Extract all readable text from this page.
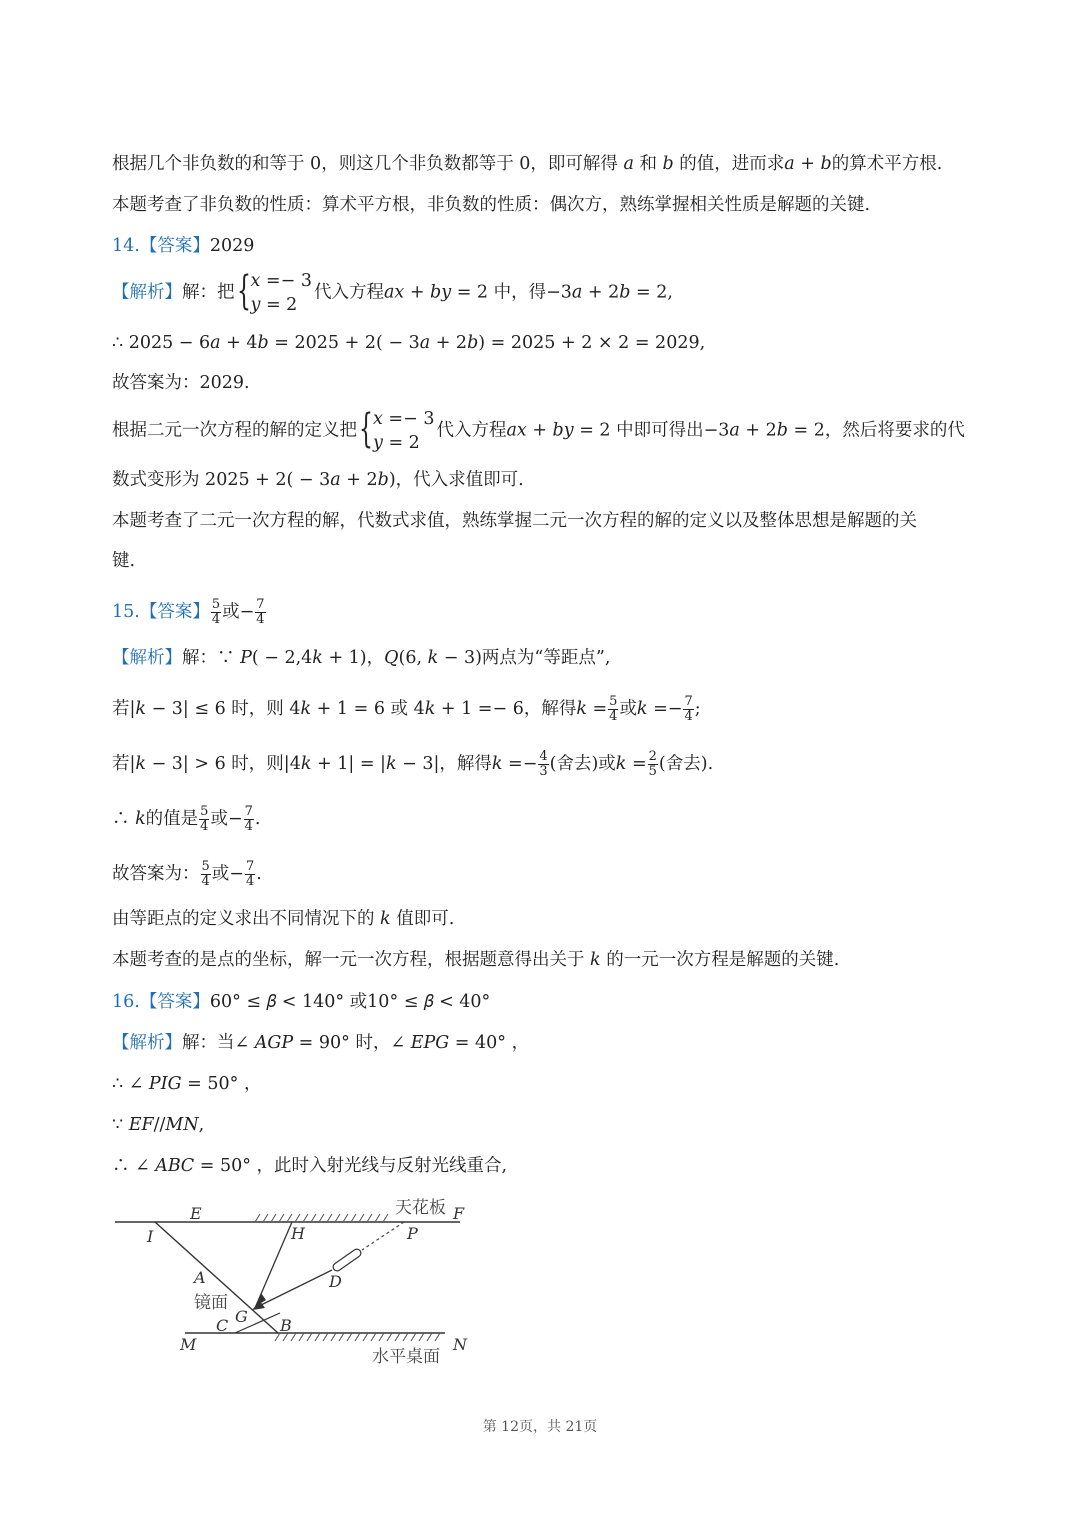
根据几个非负数的和等于 0，则这几个非负数都等于 0，即可解得 𝑎 和 𝑏 的值，进而求𝑎 + 𝑏的算术平方根.
本题考查了非负数的性质：算术平方根，非负数的性质：偶次方，熟练掌握相关性质是解题的关键.
14.【答案】2029
【解析】解：把 { 𝑥 =− 3
𝑦 = 2
代入方程𝑎𝑥 + 𝑏𝑦 = 2 中，得−3𝑎 + 2𝑏 = 2,
∴ 2025 − 6𝑎 + 4𝑏 = 2025 + 2( − 3𝑎 + 2𝑏) = 2025 + 2 × 2 = 2029,
故答案为：2029.
根据二元一次方程的解的定义把 { 𝑥 =− 3
𝑦 = 2
代入方程𝑎𝑥 + 𝑏𝑦 = 2 中即可得出−3𝑎 + 2𝑏 = 2，然后将要求的代
数式变形为 2025 + 2( − 3𝑎 + 2𝑏)，代入求值即可.
本题考查了二元一次方程的解，代数式求值，熟练掌握二元一次方程的解的定义以及整体思想是解题的关
键.
15.【答案】 $\frac{5}{4}$ 或− $\frac{7}{4}$
【解析】解：∵ 𝑃( − 2,4𝑘 + 1)，𝑄(6, 𝑘 − 3)两点为“等距点”,
若|𝑘 − 3| ≤ 6 时，则 4𝑘 + 1 = 6 或 4𝑘 + 1 =− 6，解得𝑘 = $\frac{5}{4}$ 或𝑘 =− $\frac{7}{4}$ ;
若|𝑘 − 3| > 6 时，则|4𝑘 + 1| = |𝑘 − 3|，解得𝑘 =− $\frac{4}{3}$ (舍去)或𝑘 = $\frac{2}{5}$ (舍去).
∴ 𝑘的值是 $\frac{5}{4}$ 或− $\frac{7}{4}$ .
故答案为： $\frac{5}{4}$ 或− $\frac{7}{4}$ .
由等距点的定义求出不同情况下的 𝑘 值即可.
本题考查的是点的坐标，解一元一次方程，根据题意得出关于 𝑘 的一元一次方程是解题的关键.
16.【答案】60° ≤ 𝛽 < 140° 或10° ≤ 𝛽 < 40°
【解析】解：当∠ 𝐴𝐺𝑃 = 90° 时，∠ 𝐸𝑃𝐺 = 40° ，
∴ ∠ 𝑃𝐼𝐺 = 50° ，
∵ 𝐸𝐹//𝑀𝑁,
∴ ∠ 𝐴𝐵𝐶 = 50° ，此时入射光线与反射光线重合,
E
I
天花板 F
H	P
A	D
镜面
G
C	B
M	N
水平桌面
第 12页，共 21页
